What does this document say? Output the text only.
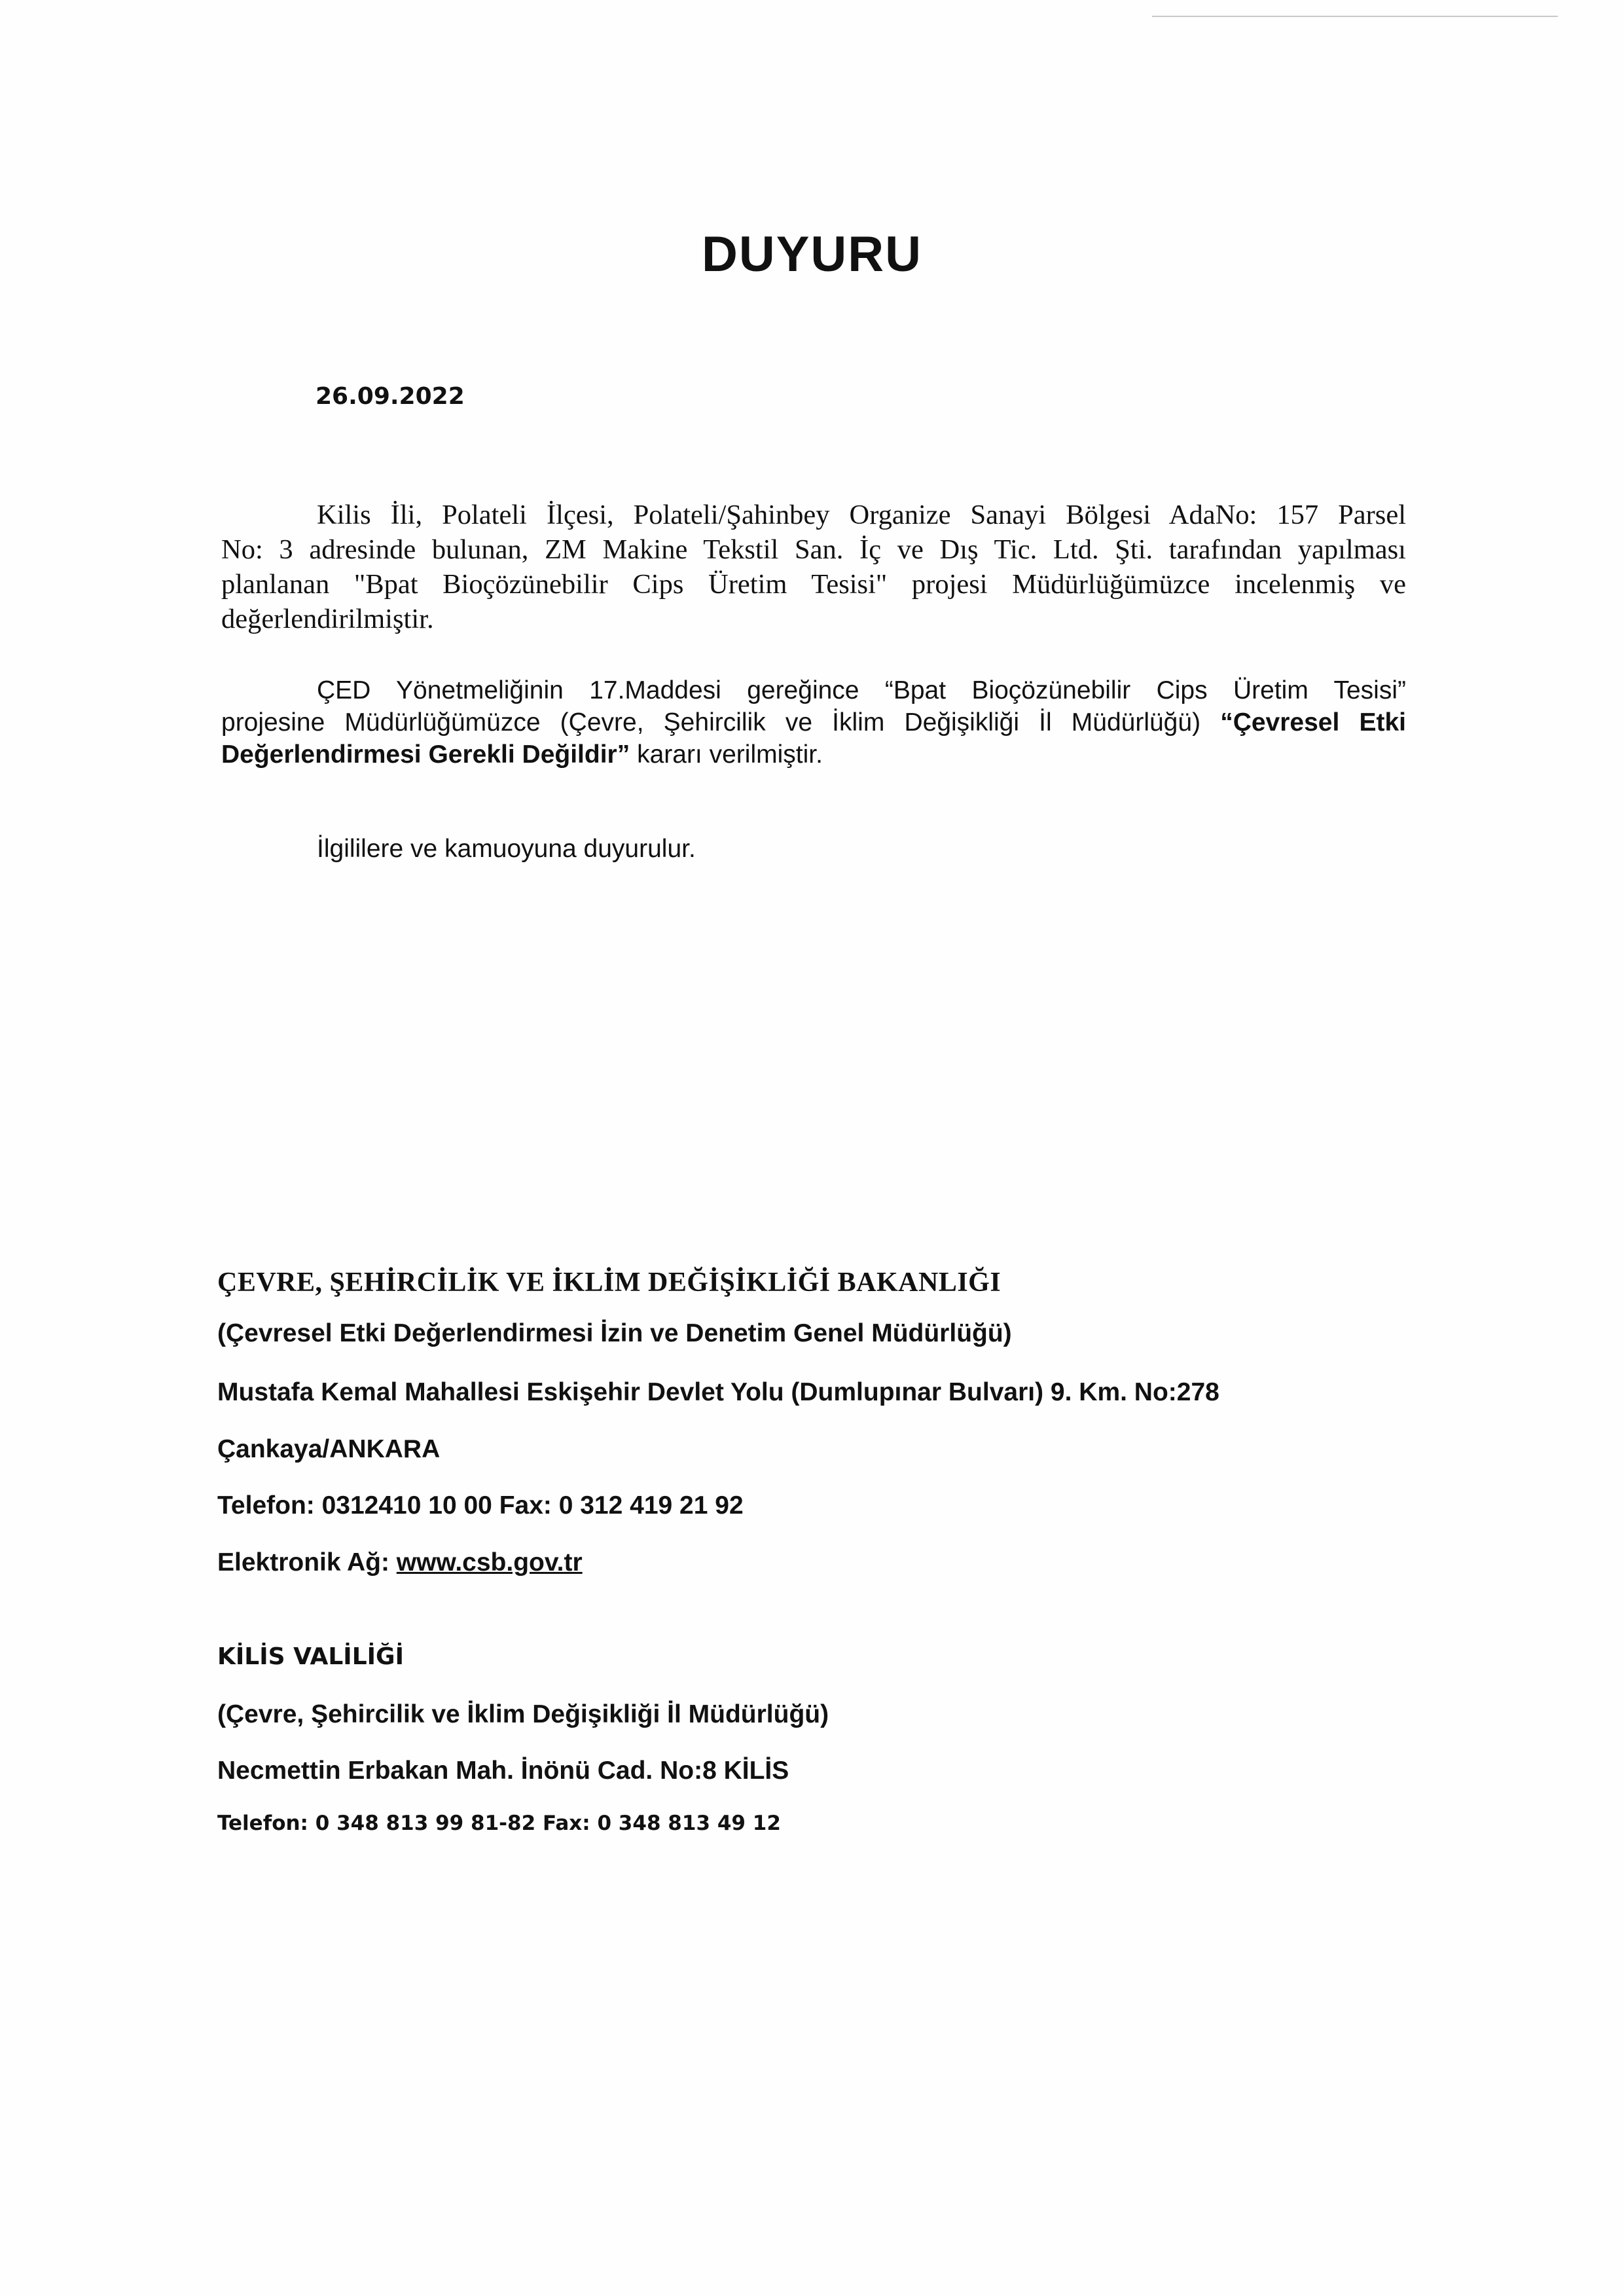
DUYURU
26.09.2022
Kilis İli, Polateli İlçesi, Polateli/Şahinbey Organize Sanayi Bölgesi AdaNo: 157 Parsel
No: 3 adresinde bulunan, ZM Makine Tekstil San. İç ve Dış Tic. Ltd. Şti. tarafından yapılması
planlanan "Bpat Bioçözünebilir Cips Üretim Tesisi" projesi Müdürlüğümüzce incelenmiş ve
değerlendirilmiştir.
ÇED Yönetmeliğinin 17.Maddesi gereğince “Bpat Bioçözünebilir Cips Üretim Tesisi”
projesine Müdürlüğümüzce (Çevre, Şehircilik ve İklim Değişikliği İl Müdürlüğü) “Çevresel Etki
Değerlendirmesi Gerekli Değildir” kararı verilmiştir.
İlgililere ve kamuoyuna duyurulur.
ÇEVRE, ŞEHİRCİLİK VE İKLİM DEĞİŞİKLİĞİ BAKANLIĞI
(Çevresel Etki Değerlendirmesi İzin ve Denetim Genel Müdürlüğü)
Mustafa Kemal Mahallesi Eskişehir Devlet Yolu (Dumlupınar Bulvarı) 9. Km. No:278
Çankaya/ANKARA
Telefon: 0312410 10 00 Fax: 0 312 419 21 92
Elektronik Ağ: www.csb.gov.tr
KİLİS VALİLİĞİ
(Çevre, Şehircilik ve İklim Değişikliği İl Müdürlüğü)
Necmettin Erbakan Mah. İnönü Cad. No:8 KİLİS
Telefon: 0 348 813 99 81-82 Fax: 0 348 813 49 12
